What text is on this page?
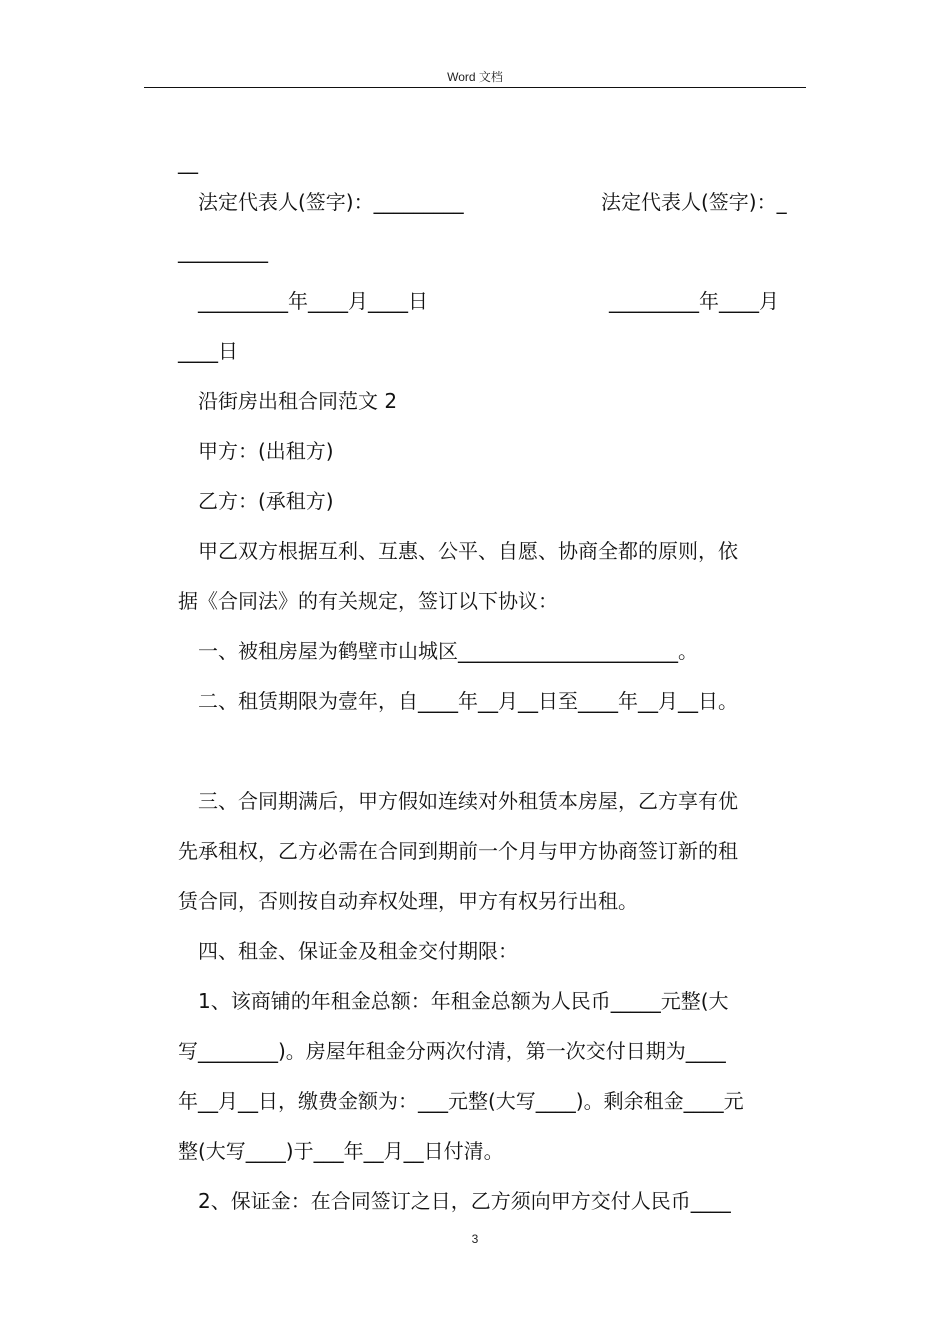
Word 文档
__
法定代表人(签字)：_________	法定代表人(签字)：_
_________
_________年____月____日	_________年____月
____日
沿街房出租合同范文 2
甲方：(出租方)
乙方：(承租方)
甲乙双方根据互利、互惠、公平、自愿、协商全都的原则，依
据《合同法》的有关规定，签订以下协议：
一、被租房屋为鹤壁市山城区______________________。
二、租赁期限为壹年，自____年__月__日至____年__月__日。
三、合同期满后，甲方假如连续对外租赁本房屋，乙方享有优
先承租权，乙方必需在合同到期前一个月与甲方协商签订新的租
赁合同，否则按自动弃权处理，甲方有权另行出租。
四、租金、保证金及租金交付期限：
1、该商铺的年租金总额：年租金总额为人民币_____元整(大
写________)。房屋年租金分两次付清，第一次交付日期为____
年__月__日，缴费金额为：___元整(大写____)。剩余租金____元
整(大写____)于___年__月__日付清。
2、保证金：在合同签订之日，乙方须向甲方交付人民币____
3
